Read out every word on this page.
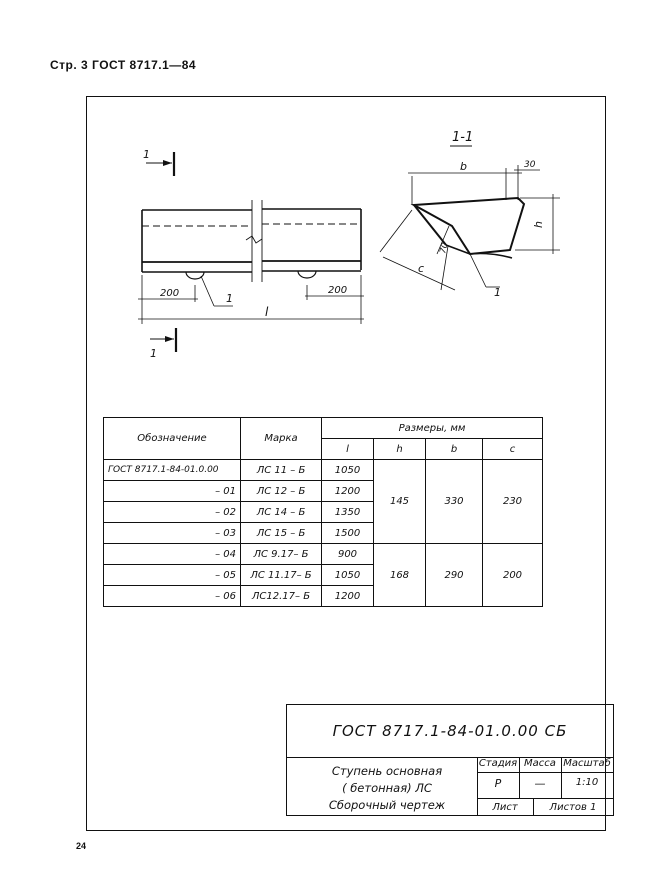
Стр. 3 ГОСТ 8717.1—84
1
1
1-1
200	200
l
1
b	30
h
70
c
1
Обозначение	Марка	Размеры, мм			
		l	h	b	c
ГОСТ 8717.1-84-01.0.00	ЛС 11 – Б	1050	145	330	230
– 01	ЛС 12 – Б	1200			
– 02	ЛС 14 – Б	1350			
– 03	ЛС 15 – Б	1500			
– 04	ЛС 9.17– Б	900	168	290	200
– 05	ЛС 11.17– Б	1050			
– 06	ЛС12.17– Б	1200			
ГОСТ 8717.1-84-01.0.00 СБ
Ступень основная
( бетонная) ЛС
Сборочный чертеж
Стадия Масса Масштаб
Р	—	1:10
Лист	Листов 1
24
